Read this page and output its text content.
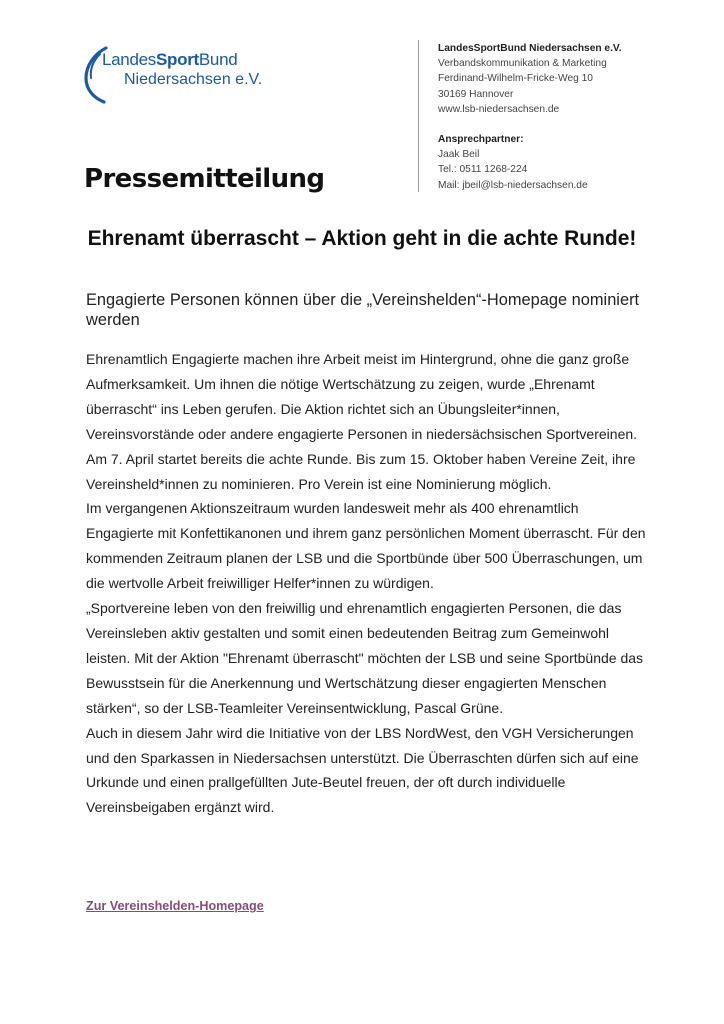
LandesSportBund
Niedersachsen e.V.
LandesSportBund Niedersachsen e.V.
Verbandskommunikation & Marketing
Ferdinand-Wilhelm-Fricke-Weg 10
30169 Hannover
www.lsb-niedersachsen.de
Ansprechpartner:
Jaak Beil
Tel.: 0511 1268-224
Mail: jbeil@lsb-niedersachsen.de
Pressemitteilung
Ehrenamt überrascht – Aktion geht in die achte Runde!
Engagierte Personen können über die „Vereinshelden“-Homepage nominiert werden

Ehrenamtlich Engagierte machen ihre Arbeit meist im Hintergrund, ohne die ganz große Aufmerksamkeit. Um ihnen die nötige Wertschätzung zu zeigen, wurde „Ehrenamt überrascht“ ins Leben gerufen. Die Aktion richtet sich an Übungsleiter*innen, Vereinsvorstände oder andere engagierte Personen in niedersächsischen Sportvereinen.

Am 7. April startet bereits die achte Runde. Bis zum 15. Oktober haben Vereine Zeit, ihre Vereinsheld*innen zu nominieren. Pro Verein ist eine Nominierung möglich.

Im vergangenen Aktionszeitraum wurden landesweit mehr als 400 ehrenamtlich Engagierte mit Konfettikanonen und ihrem ganz persönlichen Moment überrascht. Für den kommenden Zeitraum planen der LSB und die Sportbünde über 500 Überraschungen, um die wertvolle Arbeit freiwilliger Helfer*innen zu würdigen.

„Sportvereine leben von den freiwillig und ehrenamtlich engagierten Personen, die das Vereinsleben aktiv gestalten und somit einen bedeutenden Beitrag zum Gemeinwohl leisten. Mit der Aktion "Ehrenamt überrascht" möchten der LSB und seine Sportbünde das Bewusstsein für die Anerkennung und Wertschätzung dieser engagierten Menschen stärken“, so der LSB-Teamleiter Vereinsentwicklung, Pascal Grüne.

Auch in diesem Jahr wird die Initiative von der LBS NordWest, den VGH Versicherungen und den Sparkassen in Niedersachsen unterstützt. Die Überraschten dürfen sich auf eine Urkunde und einen prallgefüllten Jute-Beutel freuen, der oft durch individuelle Vereinsbeigaben ergänzt wird.

Zur Vereinshelden-Homepage
